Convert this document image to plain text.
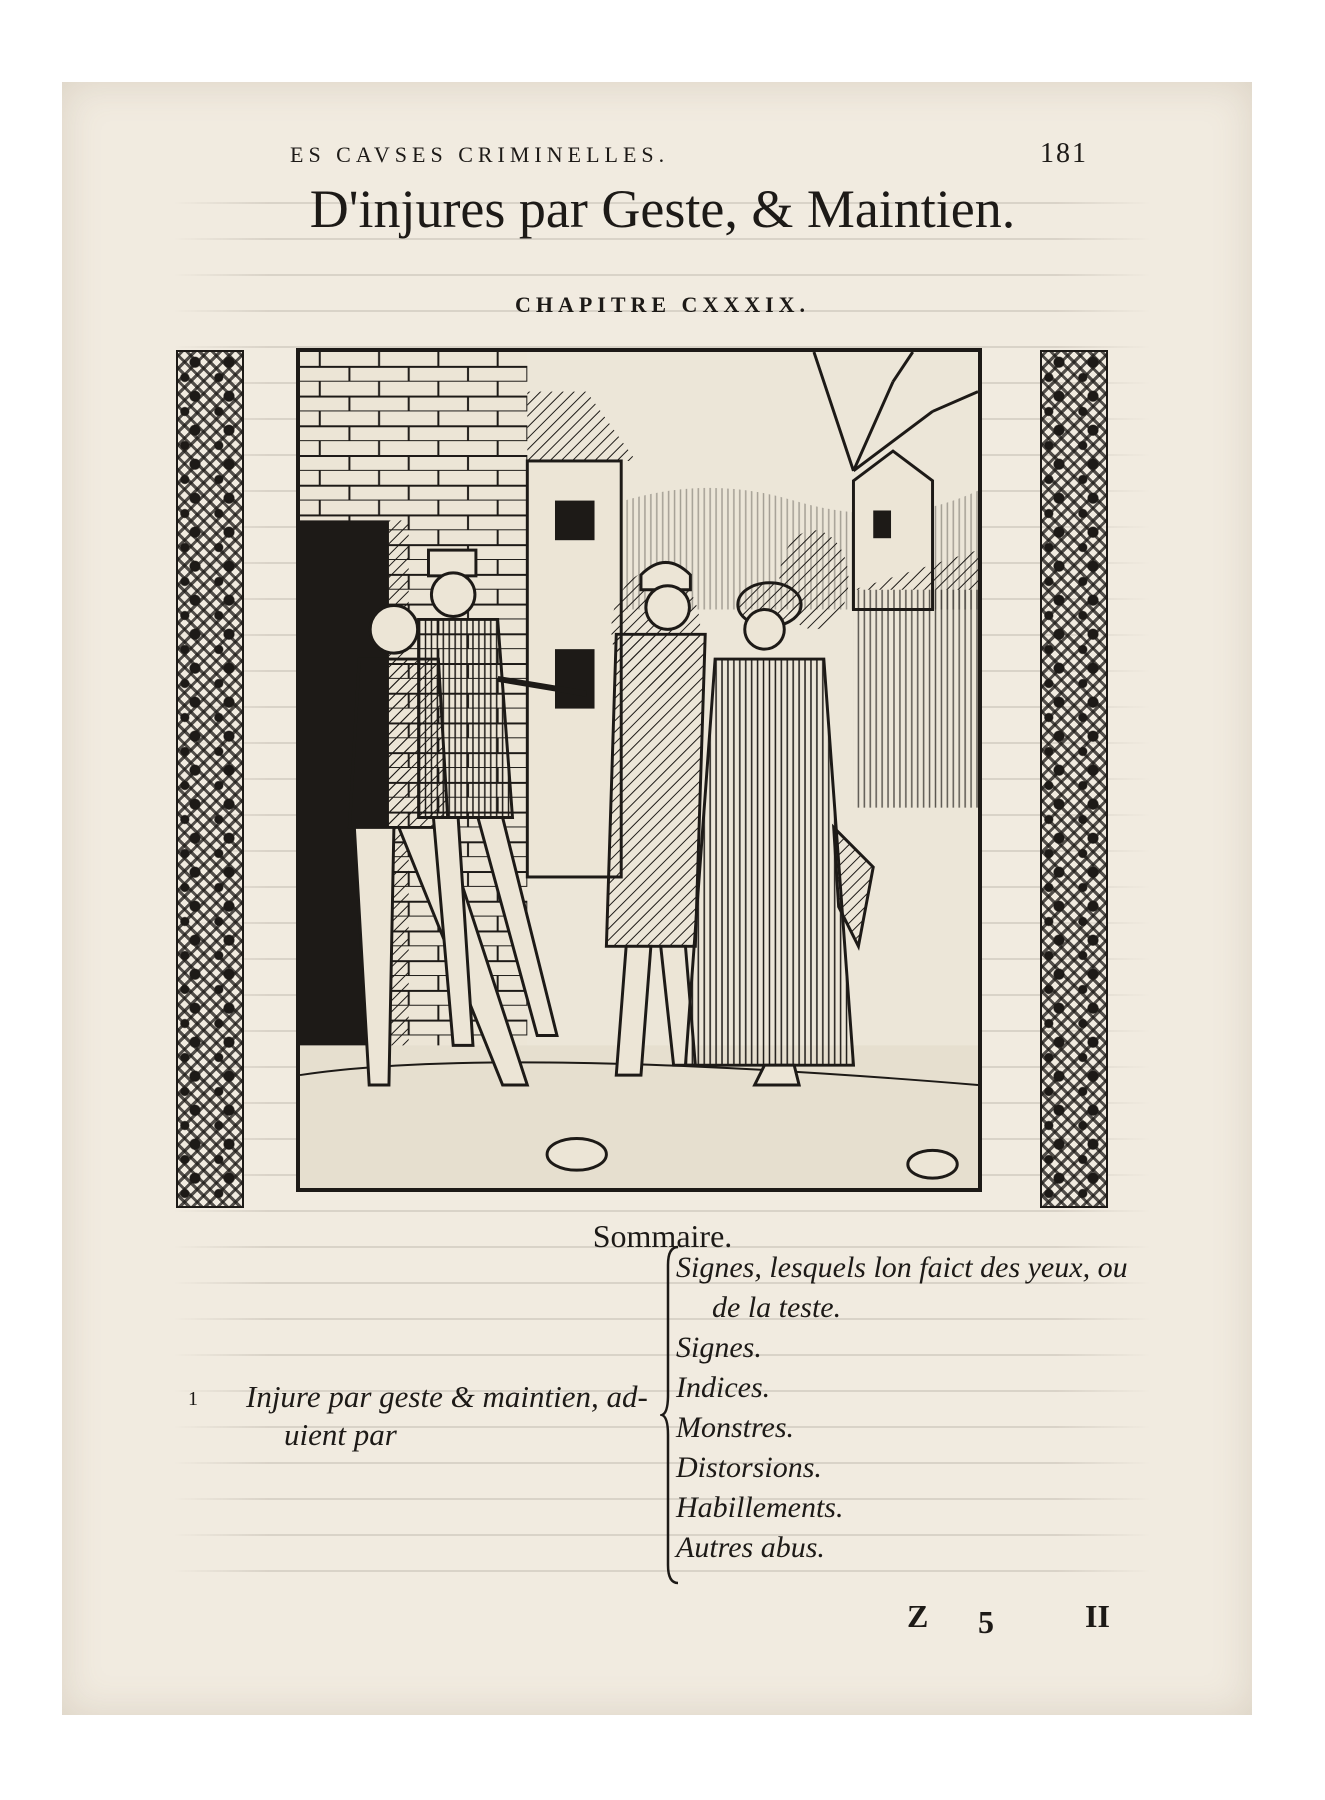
ES CAVSES CRIMINELLES.	181
D'injures par Geste, & Maintien.
CHAPITRE CXXXIX.
Sommaire.
1 Injure par geste & maintien, ad-
uient par
Signes, lesquels lon faict des yeux, ou
de la teste.
Signes.
Indices.
Monstres.
Distorsions.
Habillements.
Autres abus.
Z 5	II
